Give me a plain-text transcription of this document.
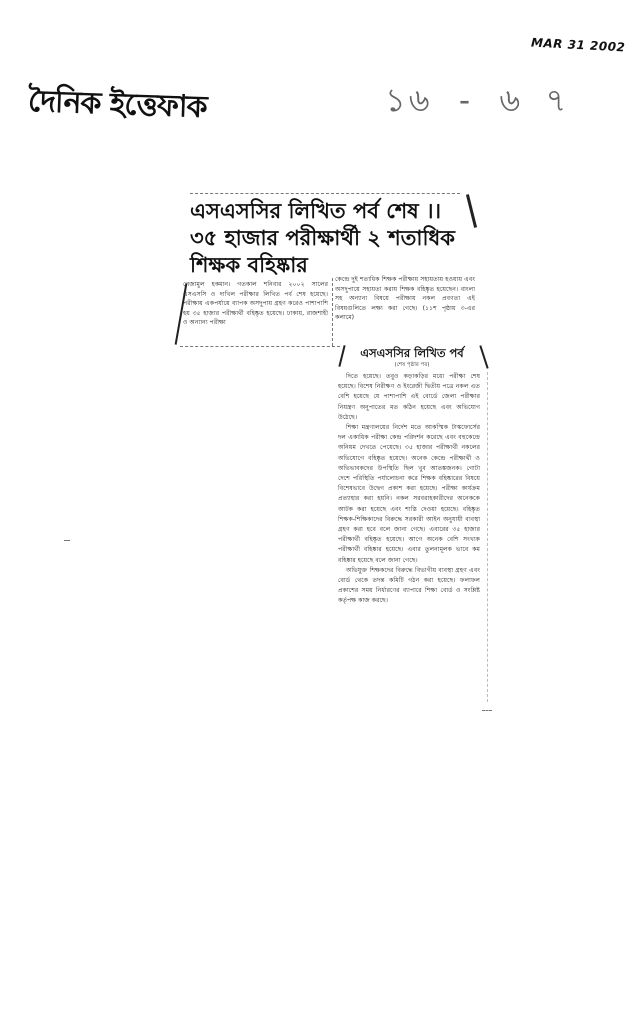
MAR 31 2002
দৈনিক ইত্তেফাক	১৬ - ৬ ৭
এসএসসির লিখিত পর্ব শেষ ।।
৩৫ হাজার পরীক্ষার্থী ২ শতাধিক
শিক্ষক বহিষ্কার
নেজামুল হকমান। গতকাল শনিবার ২০০২ সালের এসএসসি ও দাখিল পরীক্ষার লিখিত পর্ব শেষ হয়েছে। পরীক্ষায় একপর্যায়ে ব্যাপক অসদুপায় গ্রহণ করেও পাশাপাশি হয় ৩৫ হাজার পরীক্ষার্থী বহিষ্কৃত হয়েছে। ঢাকায়, রাজশাহী ও অন্যান্য পরীক্ষা
কেন্দ্রে দুই শতাধিক শিক্ষক পরীক্ষায় সহায়তায় হওয়ায় এবং অসদুপায়ে সহায়তা করায় শিক্ষক বহিষ্কৃত হয়েছেন। বাংলা সহ অন্যান্য বিষয়ে পরীক্ষায় নকল প্রবণতা এই বিষয়গুলিতে লক্ষ্য করা গেছে। (১১শ পৃষ্ঠায় ৩-এর কলামে)
এসএসসির লিখিত পর্ব
(শেষ পৃষ্ঠার পর)

দিতে হয়েছে। তবুও কড়াকড়ির মধ্যে পরীক্ষা শেষ হয়েছে। বিশেষ নিরীক্ষণ ও ইংরেজী দ্বিতীয় পত্রে নকল এত বেশি হয়েছে যে পাশাপাশি এই বোর্ডে জেলা পরীক্ষার নিয়ন্ত্রণ অনুপাতের মত কঠিন হয়েছে এবং অভিযোগ উঠেছে।

শিক্ষা মন্ত্রণালয়ের নির্দেশ মতে আকস্মিক টাস্কফোর্সের দল একাধিক পরীক্ষা কেন্দ্র পরিদর্শন করেছে এবং বহুকেন্দ্রে অনিয়ম দেখতে পেয়েছে। ৩৫ হাজার পরীক্ষার্থী নকলের অভিযোগে বহিষ্কৃত হয়েছে। অনেক কেন্দ্রে পরীক্ষার্থী ও অভিভাবকদের উপস্থিতি ছিল খুব আতঙ্কজনক। গোটা দেশে পরিস্থিতি পর্যালোচনা করে শিক্ষক বহিষ্কারের বিষয়ে বিশেষভাবে উদ্বেগ প্রকাশ করা হয়েছে। পরীক্ষা কার্যক্রম প্রত্যাহার করা হয়নি। নকল সরবরাহকারীদের অনেককে আটক করা হয়েছে এবং শাস্তি দেওয়া হয়েছে। বহিষ্কৃত শিক্ষক-শিক্ষিকাদের বিরুদ্ধে সরকারী আইন অনুযায়ী ব্যবস্থা গ্রহণ করা হবে বলে জানা গেছে। এবারের ৩৫ হাজার পরীক্ষার্থী বহিষ্কৃত হয়েছে। আগে অনেক বেশি সংখ্যক পরীক্ষার্থী বহিষ্কার হয়েছে। এবার তুলনামূলক ভাবে কম বহিষ্কার হয়েছে বলে জানা গেছে।

অভিযুক্ত শিক্ষকদের বিরুদ্ধে বিভাগীয় ব্যবস্থা গ্রহণ এবং বোর্ড থেকে তদন্ত কমিটি গঠন করা হয়েছে। ফলাফল প্রকাশের সময় নির্ধারণের ব্যাপারে শিক্ষা বোর্ড ও সংশ্লিষ্ট কর্তৃপক্ষ কাজ করছে।
